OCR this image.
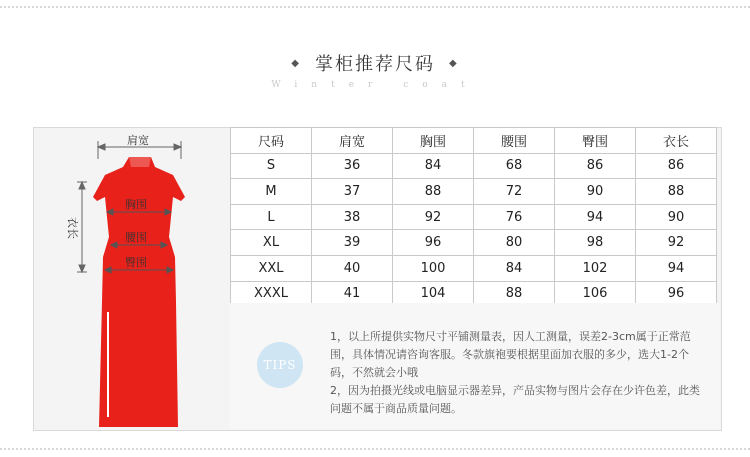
◆ 掌柜推荐尺码 ◆
Winter coat
肩宽
胸围
腰围
臀围
衣长
尺码	肩宽	胸围	腰围	臀围	衣长
S	36	84	68	86	86
M	37	88	72	90	88
L	38	92	76	94	90
XL	39	96	80	98	92
XXL	40	100	84	102	94
XXXL	41	104	88	106	96
TIPS

1，以上所提供实物尺寸平铺测量表，因人工测量，误差2-3cm属于正常范围，具体情况请咨询客服。冬款旗袍要根据里面加衣服的多少，选大1-2个码，不然就会小哦

2，因为拍摄光线或电脑显示器差异，产品实物与图片会存在少许色差，此类问题不属于商品质量问题。
